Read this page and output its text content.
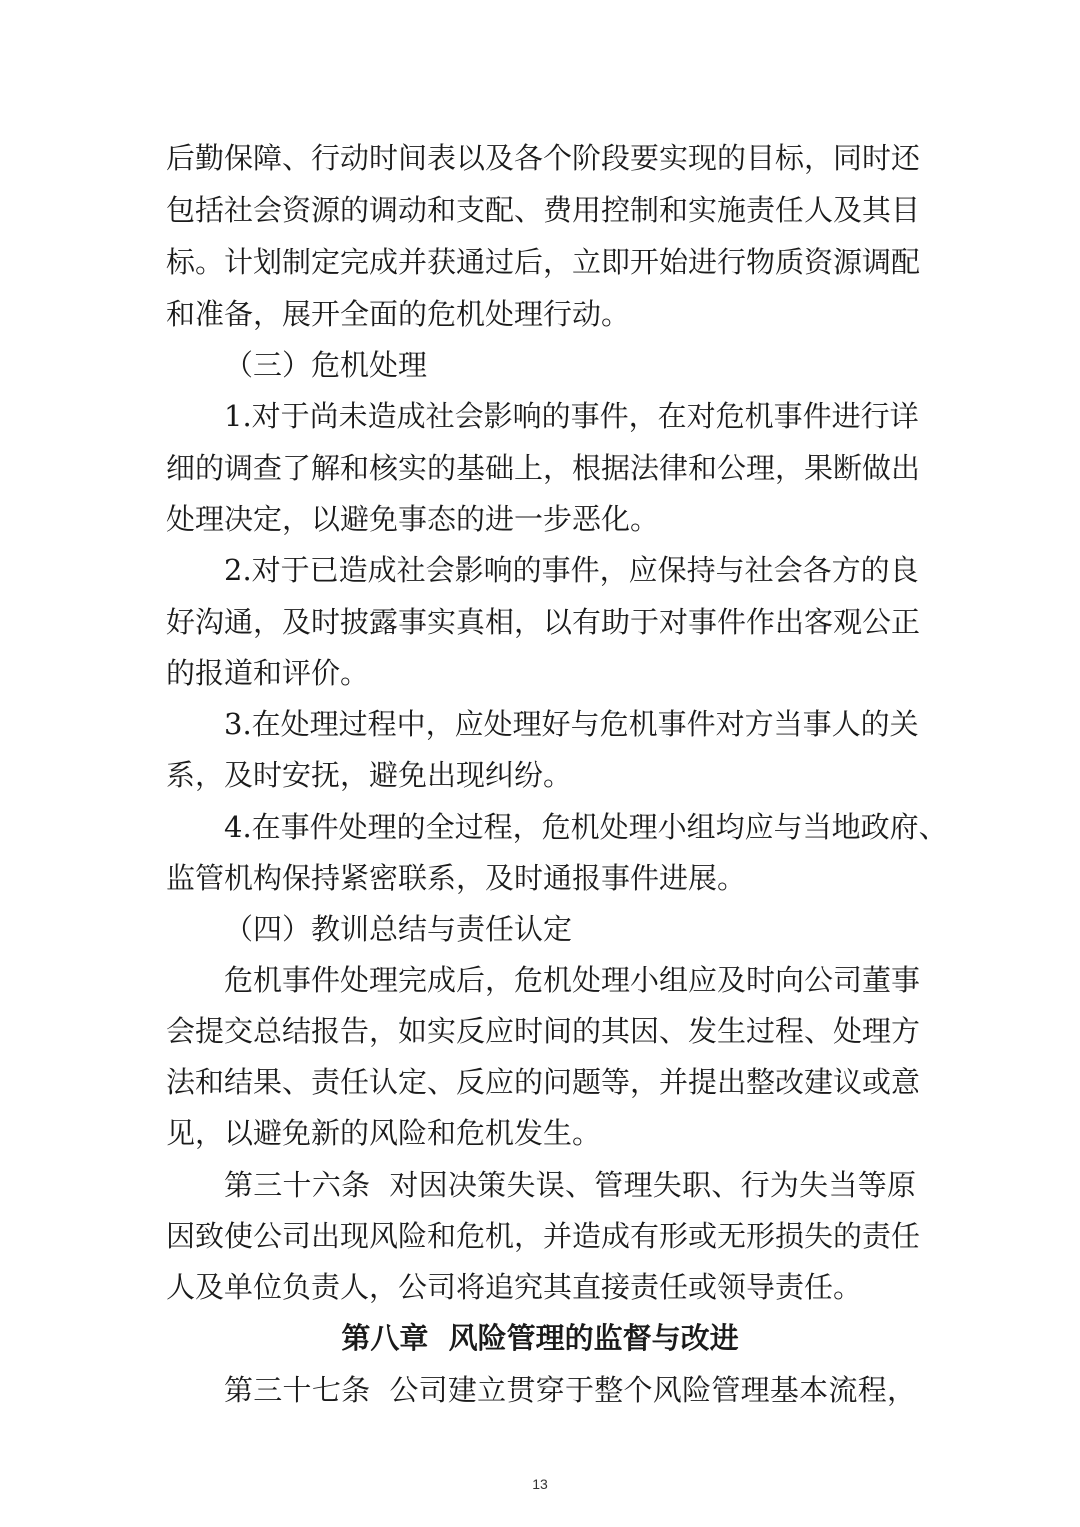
后勤保障、行动时间表以及各个阶段要实现的目标，同时还
包括社会资源的调动和支配、费用控制和实施责任人及其目
标。计划制定完成并获通过后，立即开始进行物质资源调配
和准备，展开全面的危机处理行动。
（三）危机处理
1.对于尚未造成社会影响的事件，在对危机事件进行详
细的调查了解和核实的基础上，根据法律和公理，果断做出
处理决定，以避免事态的进一步恶化。
2.对于已造成社会影响的事件，应保持与社会各方的良
好沟通，及时披露事实真相，以有助于对事件作出客观公正
的报道和评价。
3.在处理过程中，应处理好与危机事件对方当事人的关
系，及时安抚，避免出现纠纷。
4.在事件处理的全过程，危机处理小组均应与当地政府、
监管机构保持紧密联系，及时通报事件进展。
（四）教训总结与责任认定
危机事件处理完成后，危机处理小组应及时向公司董事
会提交总结报告，如实反应时间的其因、发生过程、处理方
法和结果、责任认定、反应的问题等，并提出整改建议或意
见，以避免新的风险和危机发生。
第三十六条  对因决策失误、管理失职、行为失当等原
因致使公司出现风险和危机，并造成有形或无形损失的责任
人及单位负责人，公司将追究其直接责任或领导责任。
第八章  风险管理的监督与改进
第三十七条  公司建立贯穿于整个风险管理基本流程，
13
